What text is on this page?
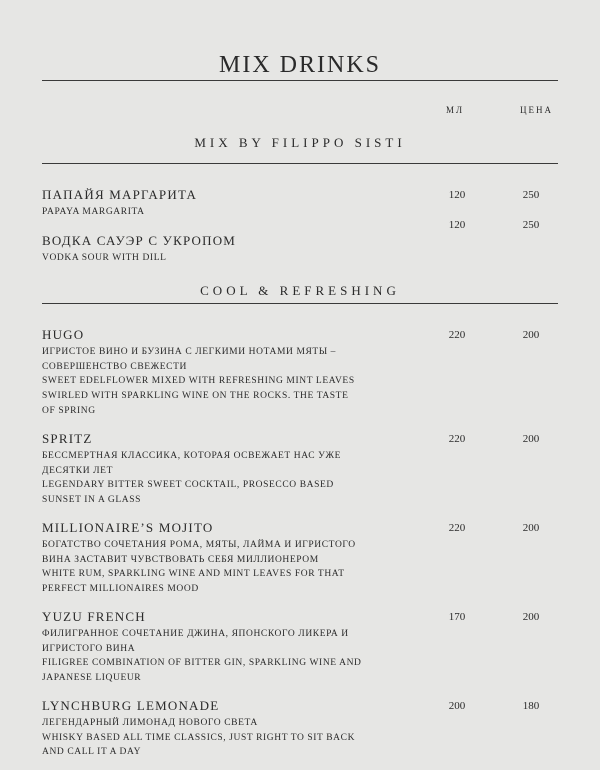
MIX DRINKS
МЛ	ЦЕНА
MIX BY FILIPPO SISTI
ПАПАЙЯ МАРГАРИТА
PAPAYA MARGARITA
120	250
ВОДКА САУЭР С УКРОПОМ
VODKA SOUR WITH DILL
120	250
COOL & REFRESHING
HUGO
ИГРИСТОЕ ВИНО И БУЗИНА С ЛЕГКИМИ НОТАМИ МЯТЫ –
СОВЕРШЕНСТВО СВЕЖЕСТИ
SWEET EDELFLOWER MIXED WITH REFRESHING MINT LEAVES
SWIRLED WITH SPARKLING WINE ON THE ROCKS. THE TASTE
OF SPRING
220	200
SPRITZ
БЕССМЕРТНАЯ КЛАССИКА, КОТОРАЯ ОСВЕЖАЕТ НАС УЖЕ
ДЕСЯТКИ ЛЕТ
LEGENDARY BITTER SWEET COCKTAIL, PROSECCO BASED
SUNSET IN A GLASS
220	200
MILLIONAIRE’S MOJITO
БОГАТСТВО СОЧЕТАНИЯ РОМА, МЯТЫ, ЛАЙМА И ИГРИСТОГО
ВИНА ЗАСТАВИТ ЧУВСТВОВАТЬ СЕБЯ МИЛЛИОНЕРОМ
WHITE RUM, SPARKLING WINE AND MINT LEAVES FOR THAT
PERFECT MILLIONAIRES MOOD
220	200
YUZU FRENCH
ФИЛИГРАННОЕ СОЧЕТАНИЕ ДЖИНА, ЯПОНСКОГО ЛИКЕРА И
ИГРИСТОГО ВИНА
FILIGREE COMBINATION OF BITTER GIN, SPARKLING WINE AND
JAPANESE LIQUEUR
170	200
LYNCHBURG LEMONADE
ЛЕГЕНДАРНЫЙ ЛИМОНАД НОВОГО СВЕТА
WHISKY BASED ALL TIME CLASSICS, JUST RIGHT TO SIT BACK
AND CALL IT A DAY
200	180
